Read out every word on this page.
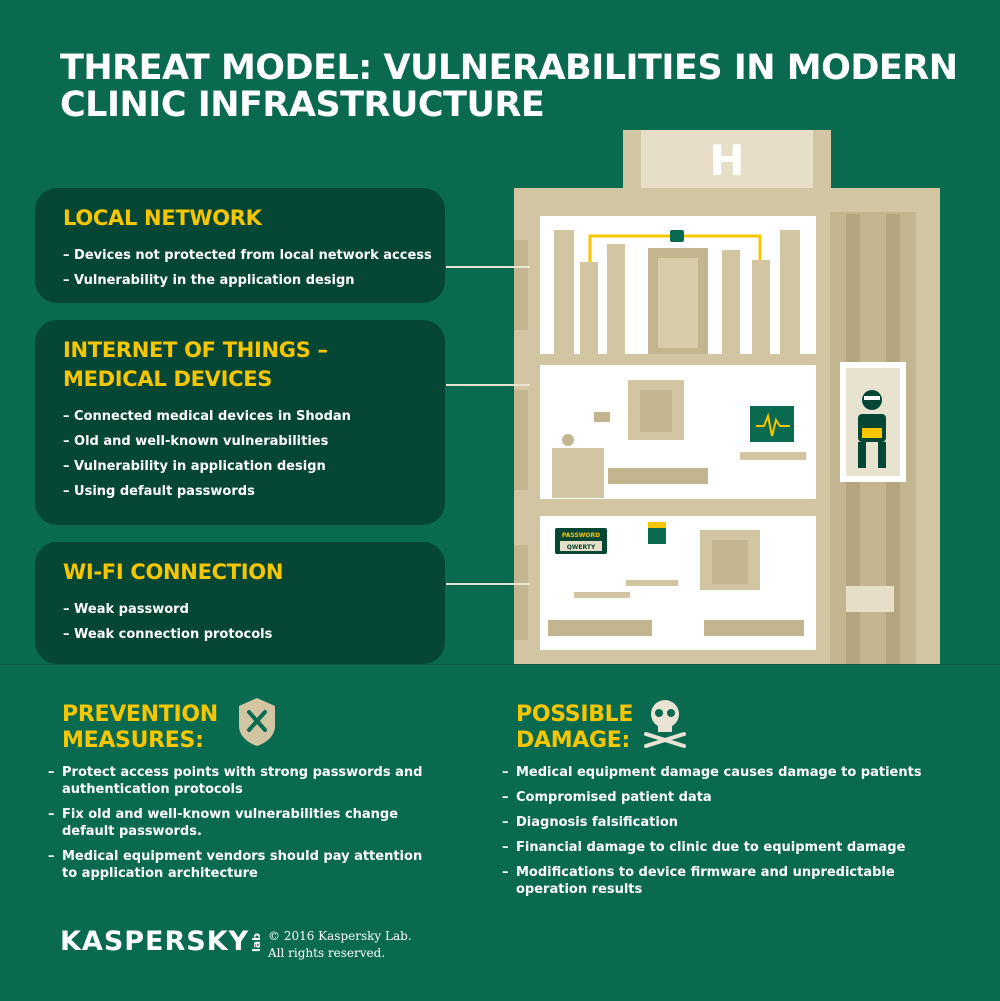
THREAT MODEL: VULNERABILITIES IN MODERN
CLINIC INFRASTRUCTURE
H
PASSWORD
QWERTY
LOCAL NETWORK
– Devices not protected from local network access
– Vulnerability in the application design
INTERNET OF THINGS –
MEDICAL DEVICES
– Connected medical devices in Shodan
– Old and well-known vulnerabilities
– Vulnerability in application design
– Using default passwords
WI-FI CONNECTION
– Weak password
– Weak connection protocols
PREVENTION
MEASURES:
– Protect access points with strong passwords and authentication protocols
– Fix old and well-known vulnerabilities change default passwords.
– Medical equipment vendors should pay attention to application architecture
POSSIBLE
DAMAGE:
– Medical equipment damage causes damage to patients
– Compromised patient data
– Diagnosis falsification
– Financial damage to clinic due to equipment damage
– Modifications to device firmware and unpredictable operation results
KASPERSKYlab © 2016 Kaspersky Lab.
All rights reserved.
